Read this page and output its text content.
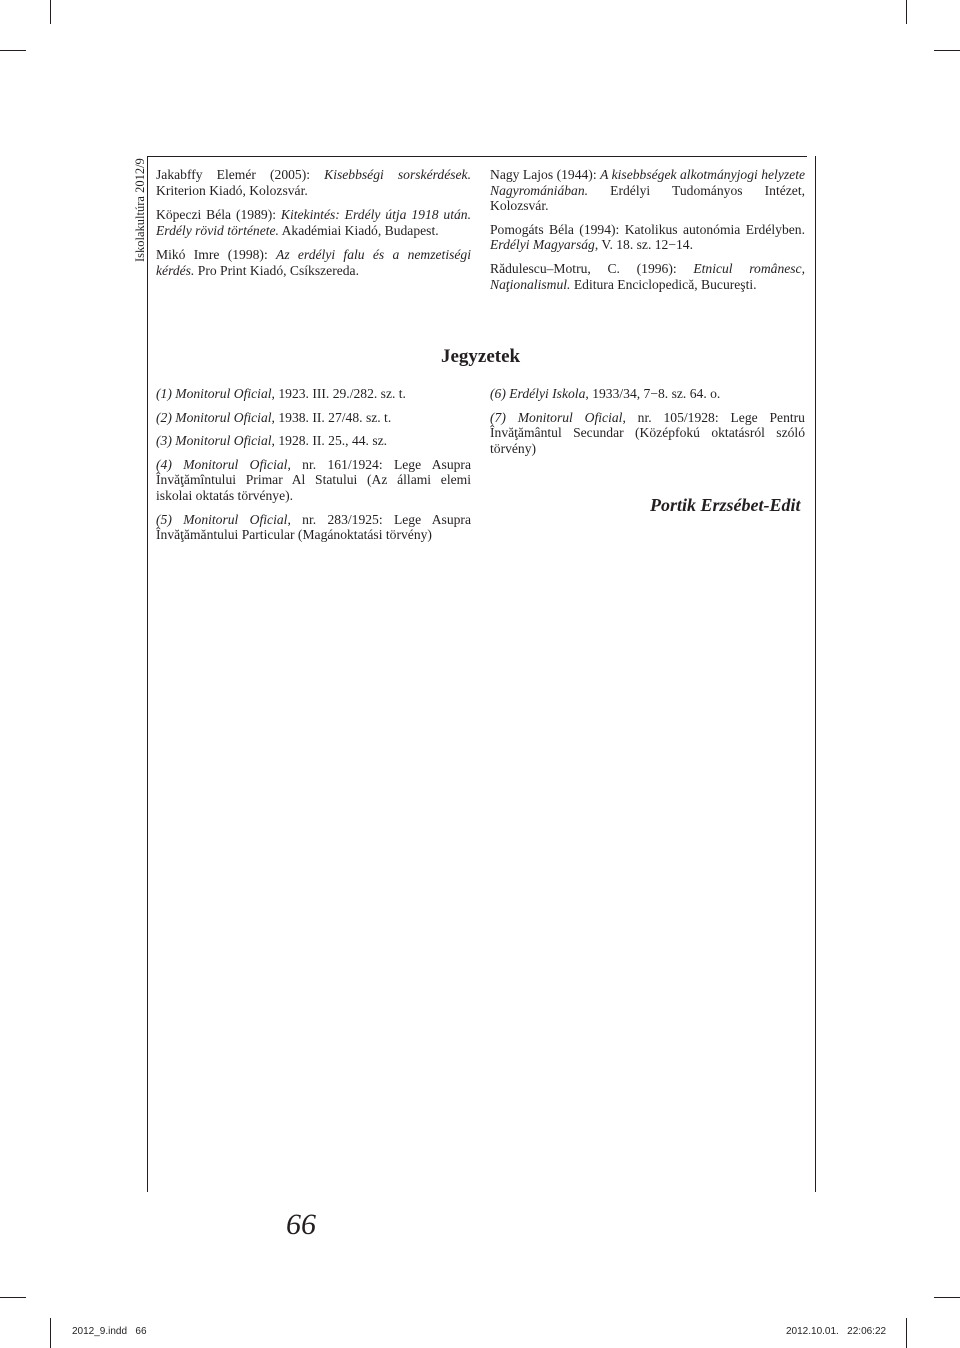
Iskolakultúra 2012/9 Jakabffy Elemér (2005): Kisebbségi sorskérdések. Kriterion Kiadó, Kolozsvár.

Köpeczi Béla (1989): Kitekintés: Erdély útja 1918 után. Erdély rövid története. Akadémiai Kiadó, Budapest.

Mikó Imre (1998): Az erdélyi falu és a nemzetiségi kérdés. Pro Print Kiadó, Csíkszereda.

Nagy Lajos (1944): A kisebbségek alkotmányjogi helyzete Nagyromániában. Erdélyi Tudományos Intézet, Kolozsvár.

Pomogáts Béla (1994): Katolikus autonómia Erdélyben. Erdélyi Magyarság, V. 18. sz. 12−14.

Rădulescu–Motru, C. (1996): Etnicul românesc, Naţionalismul. Editura Enciclopedică, Bucureşti.

Jegyzetek

(1) Monitorul Oficial, 1923. III. 29./282. sz. t.

(2) Monitorul Oficial, 1938. II. 27/48. sz. t.

(3) Monitorul Oficial, 1928. II. 25., 44. sz.

(4) Monitorul Oficial, nr. 161/1924: Lege Asupra Învăţămîntului Primar Al Statului (Az állami elemi iskolai oktatás törvénye).

(5) Monitorul Oficial, nr. 283/1925: Lege Asupra Învăţămăntului Particular (Magánoktatási törvény)

(6) Erdélyi Iskola, 1933/34, 7−8. sz. 64. o.

(7) Monitorul Oficial, nr. 105/1928: Lege Pentru Învăţământul Secundar (Középfokú oktatásról szóló törvény)

Portik Erzsébet-Edit
66
2012_9.indd   66	2012.10.01.   22:06:22
